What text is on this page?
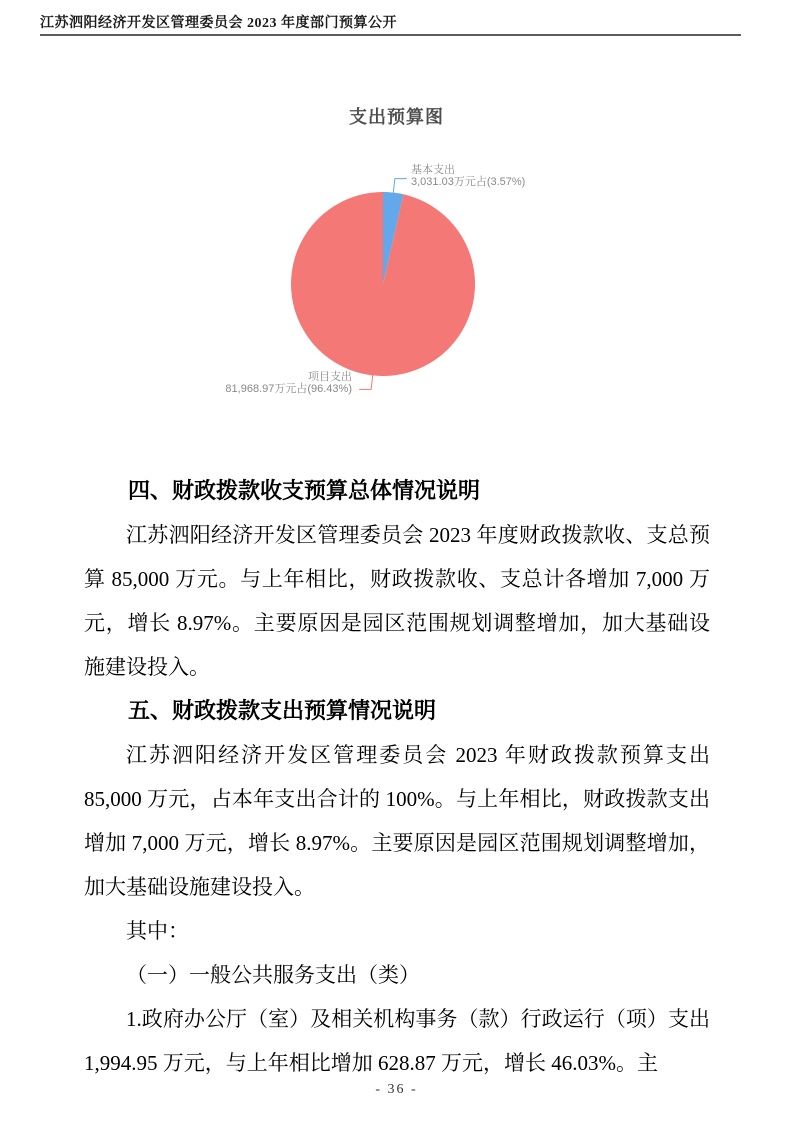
江苏泗阳经济开发区管理委员会 2023 年度部门预算公开
支出预算图
基本支出
3,031.03万元占(3.57%)
项目支出
81,968.97万元占(96.43%)
四、财政拨款收支预算总体情况说明

江苏泗阳经济开发区管理委员会 2023 年度财政拨款收、支总预算 85,000 万元。与上年相比，财政拨款收、支总计各增加 7,000 万元，增长 8.97%。主要原因是园区范围规划调整增加，加大基础设施建设投入。

五、财政拨款支出预算情况说明

江苏泗阳经济开发区管理委员会 2023 年财政拨款预算支出 85,000 万元，占本年支出合计的 100%。与上年相比，财政拨款支出增加 7,000 万元，增长 8.97%。主要原因是园区范围规划调整增加，加大基础设施建设投入。

其中：

（一）一般公共服务支出（类）

1.政府办公厅（室）及相关机构事务（款）行政运行（项）支出 1,994.95 万元，与上年相比增加 628.87 万元，增长 46.03%。主

- 36 -
